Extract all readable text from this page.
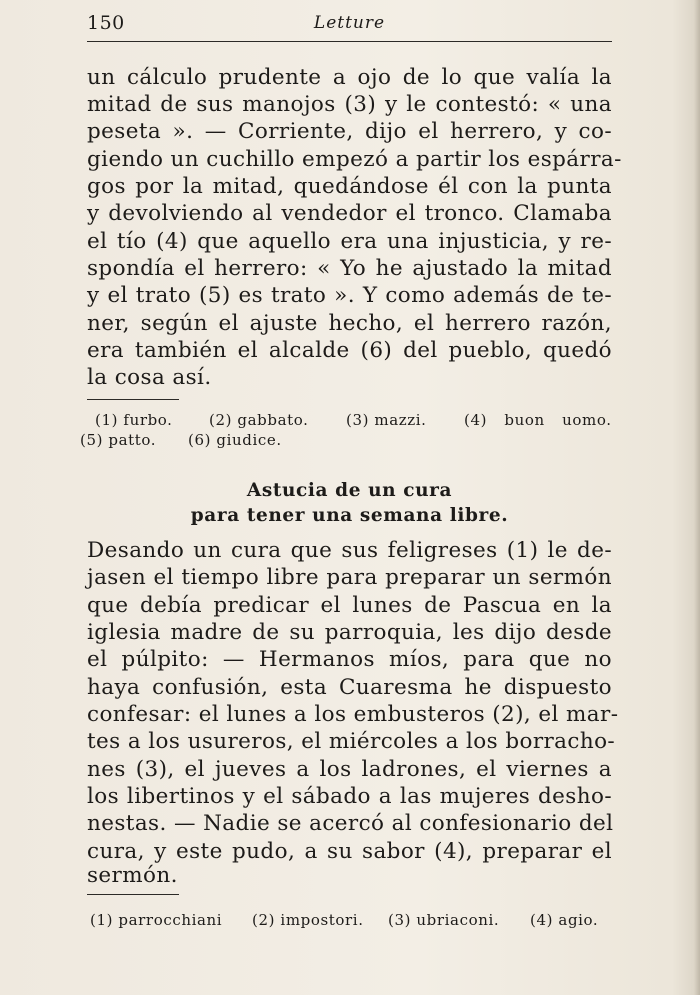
150	Letture
un cálculo prudente a ojo de lo que valía la
mitad de sus manojos (3) y le contestó: « una
peseta ». — Corriente, dijo el herrero, y co-
giendo un cuchillo empezó a partir los espárra-
gos por la mitad, quedándose él con la punta
y devolviendo al vendedor el tronco. Clamaba
el tío (4) que aquello era una injusticia, y re-
spondía el herrero: « Yo he ajustado la mitad
y el trato (5) es trato ». Y como además de te-
ner, según el ajuste hecho, el herrero razón,
era también el alcalde (6) del pueblo, quedó
la cosa así.
(1) furbo. (2) gabbato.	(3) mazzi. (4) buon uomo.
(5) patto. (6) giudice.
Astucia de un cura
para tener una semana libre.
Desando un cura que sus feligreses (1) le de-
jasen el tiempo libre para preparar un sermón
que debía predicar el lunes de Pascua en la
iglesia madre de su parroquia, les dijo desde
el púlpito: — Hermanos míos, para que no
haya confusión, esta Cuaresma he dispuesto
confesar: el lunes a los embusteros (2), el mar-
tes a los usureros, el miércoles a los borracho-
nes (3), el jueves a los ladrones, el viernes a
los libertinos y el sábado a las mujeres desho-
nestas. — Nadie se acercó al confesionario del
cura, y este pudo, a su sabor (4), preparar el
sermón.
(1) parrocchiani (2) impostori. (3) ubriaconi. (4) agio.
